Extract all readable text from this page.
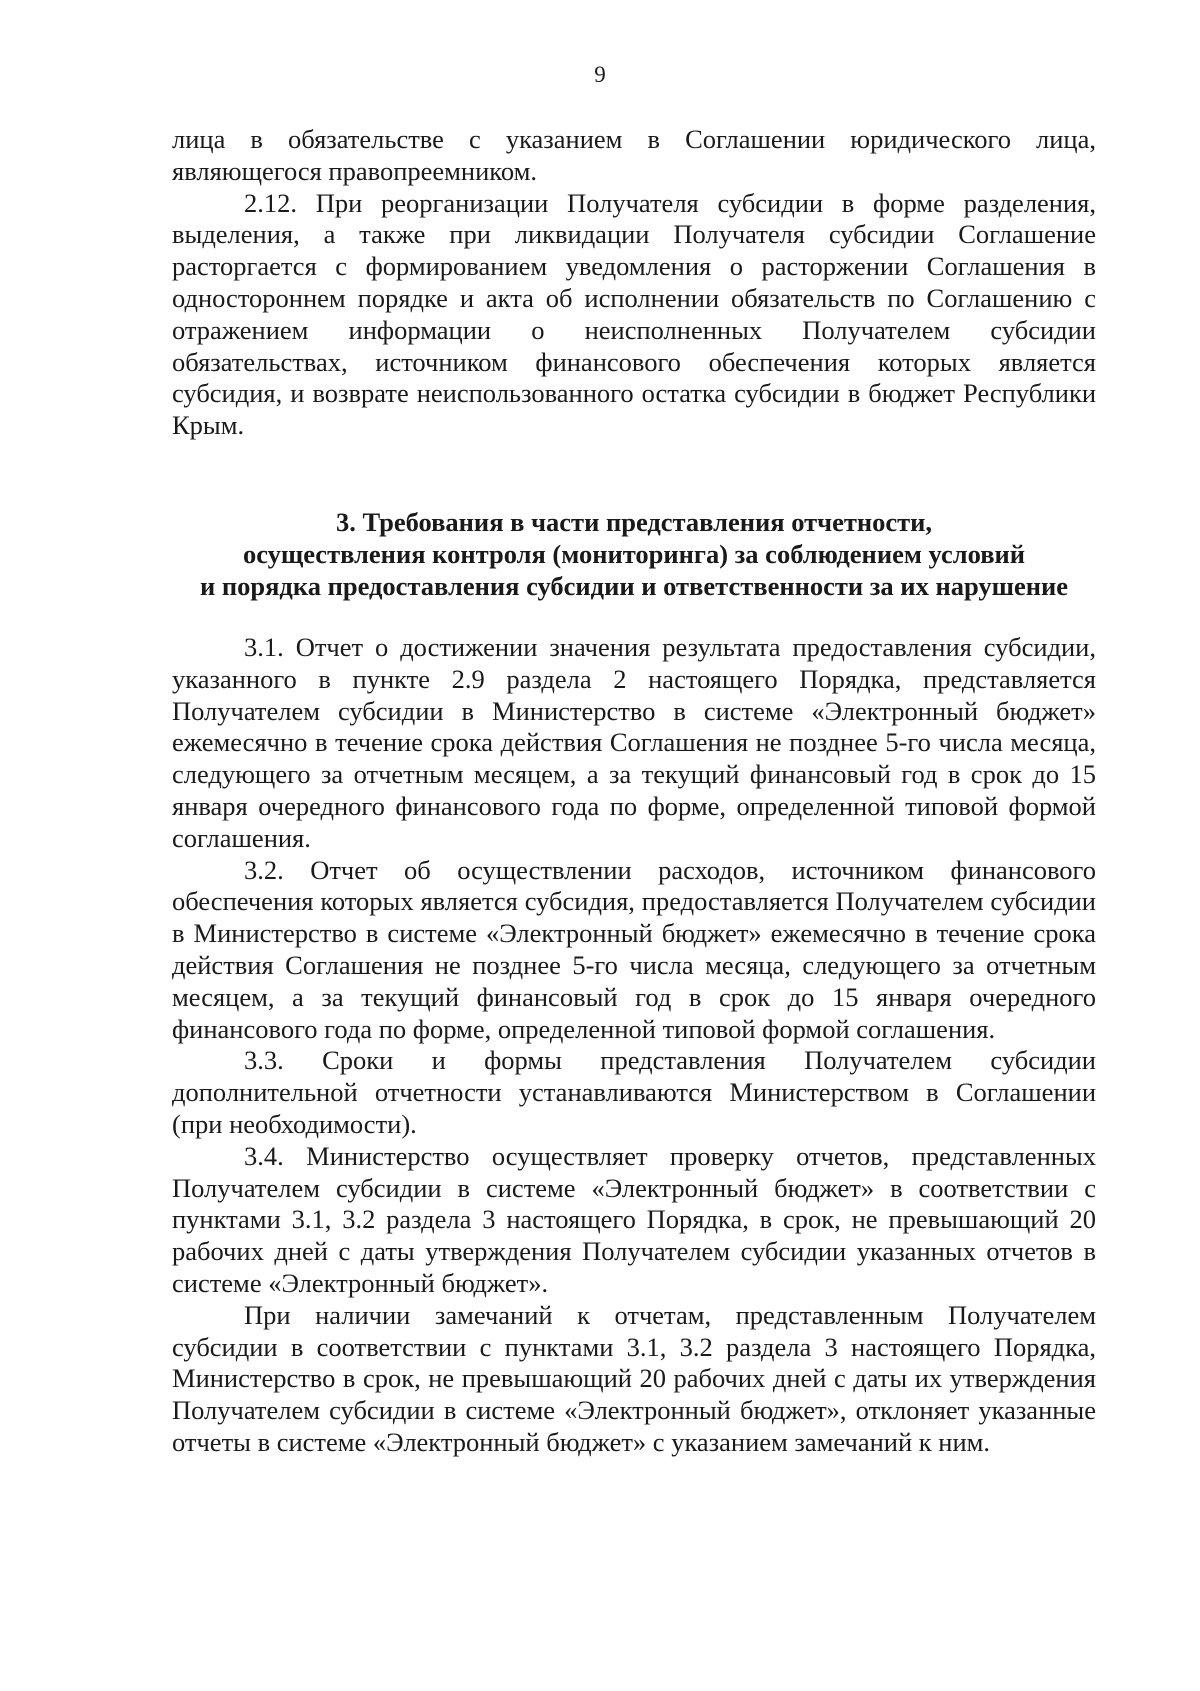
9

лица в обязательстве с указанием в Соглашении юридического лица, являющегося правопреемником.

2.12. При реорганизации Получателя субсидии в форме разделения, выделения, а также при ликвидации Получателя субсидии Соглашение расторгается с формированием уведомления о расторжении Соглашения в одностороннем порядке и акта об исполнении обязательств по Соглашению с отражением информации о неисполненных Получателем субсидии обязательствах, источником финансового обеспечения которых является субсидия, и возврате неиспользованного остатка субсидии в бюджет Республики Крым.

3. Требования в части представления отчетности,
осуществления контроля (мониторинга) за соблюдением условий
и порядка предоставления субсидии и ответственности за их нарушение

3.1. Отчет о достижении значения результата предоставления субсидии, указанного в пункте 2.9 раздела 2 настоящего Порядка, представляется Получателем субсидии в Министерство в системе «Электронный бюджет» ежемесячно в течение срока действия Соглашения не позднее 5-го числа месяца, следующего за отчетным месяцем, а за текущий финансовый год в срок до 15 января очередного финансового года по форме, определенной типовой формой соглашения.

3.2. Отчет об осуществлении расходов, источником финансового обеспечения которых является субсидия, предоставляется Получателем субсидии в Министерство в системе «Электронный бюджет» ежемесячно в течение срока действия Соглашения не позднее 5-го числа месяца, следующего за отчетным месяцем, а за текущий финансовый год в срок до 15 января очередного финансового года по форме, определенной типовой формой соглашения.

3.3. Сроки и формы представления Получателем субсидии дополнительной отчетности устанавливаются Министерством в Соглашении (при необходимости).

3.4. Министерство осуществляет проверку отчетов, представленных Получателем субсидии в системе «Электронный бюджет» в соответствии с пунктами 3.1, 3.2 раздела 3 настоящего Порядка, в срок, не превышающий 20 рабочих дней с даты утверждения Получателем субсидии указанных отчетов в системе «Электронный бюджет».

При наличии замечаний к отчетам, представленным Получателем субсидии в соответствии с пунктами 3.1, 3.2 раздела 3 настоящего Порядка, Министерство в срок, не превышающий 20 рабочих дней с даты их утверждения Получателем субсидии в системе «Электронный бюджет», отклоняет указанные отчеты в системе «Электронный бюджет» с указанием замечаний к ним.
